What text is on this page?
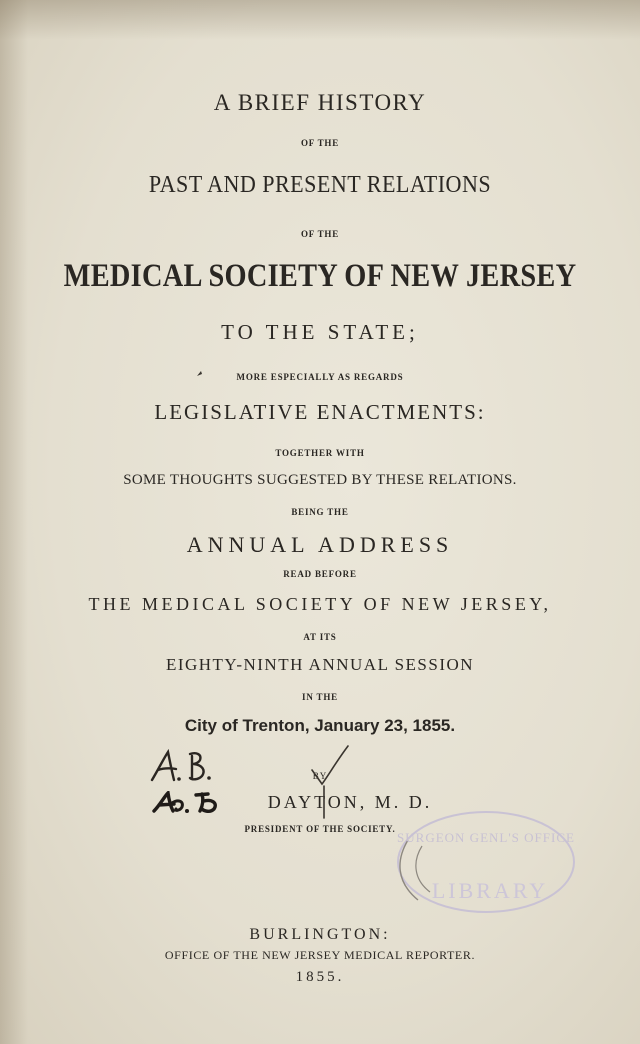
A BRIEF HISTORY

OF THE

PAST AND PRESENT RELATIONS

OF THE

MEDICAL SOCIETY OF NEW JERSEY

TO THE STATE;

MORE ESPECIALLY AS REGARDS

LEGISLATIVE ENACTMENTS:

TOGETHER WITH

SOME THOUGHTS SUGGESTED BY THESE RELATIONS.

BEING THE

ANNUAL ADDRESS

READ BEFORE

THE MEDICAL SOCIETY OF NEW JERSEY,

AT ITS

EIGHTY-NINTH ANNUAL SESSION

IN THE

City of Trenton, January 23, 1855.

BY

DAYTON, M. D.

PRESIDENT OF THE SOCIETY.

BURLINGTON:

OFFICE OF THE NEW JERSEY MEDICAL REPORTER.

1855.

SURGEON GENL'S OFFICE
LIBRARY
